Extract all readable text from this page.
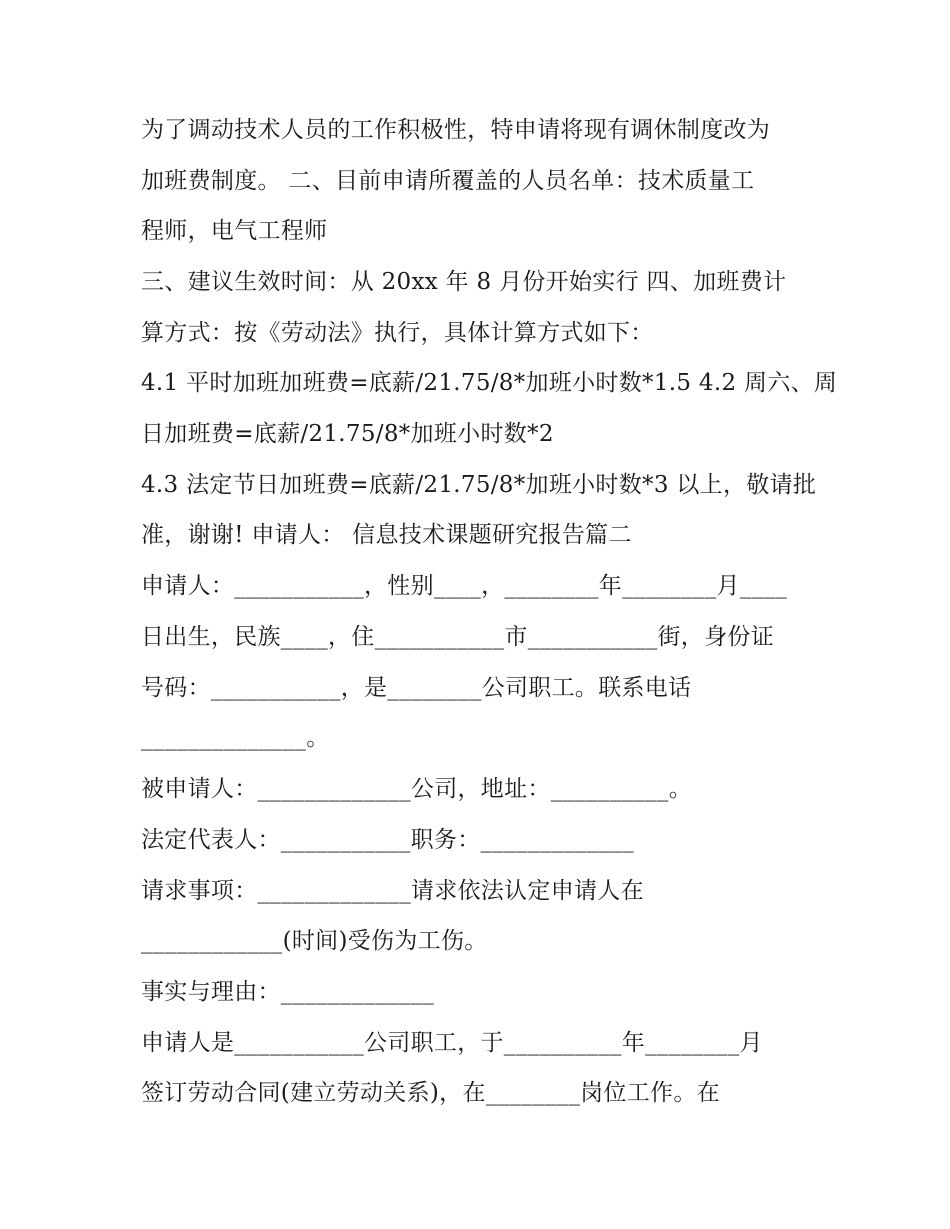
为了调动技术人员的工作积极性，特申请将现有调休制度改为
加班费制度。 二、目前申请所覆盖的人员名单：技术质量工
程师，电气工程师
三、建议生效时间：从 20xx 年 8 月份开始实行 四、加班费计
算方式：按《劳动法》执行，具体计算方式如下：
4.1 平时加班加班费=底薪/21.75/8*加班小时数*1.5 4.2 周六、周
日加班费=底薪/21.75/8*加班小时数*2
4.3 法定节日加班费=底薪/21.75/8*加班小时数*3 以上，敬请批
准，谢谢! 申请人： 信息技术课题研究报告篇二
申请人：___________，性别____，________年________月____
日出生，民族____，住___________市___________街，身份证
号码：___________，是________公司职工。联系电话
______________。
被申请人：_____________公司，地址：__________。
法定代表人：___________职务：_____________
请求事项：_____________请求依法认定申请人在
____________(时间)受伤为工伤。
事实与理由：_____________
申请人是___________公司职工，于__________年________月
签订劳动合同(建立劳动关系)，在________岗位工作。在
